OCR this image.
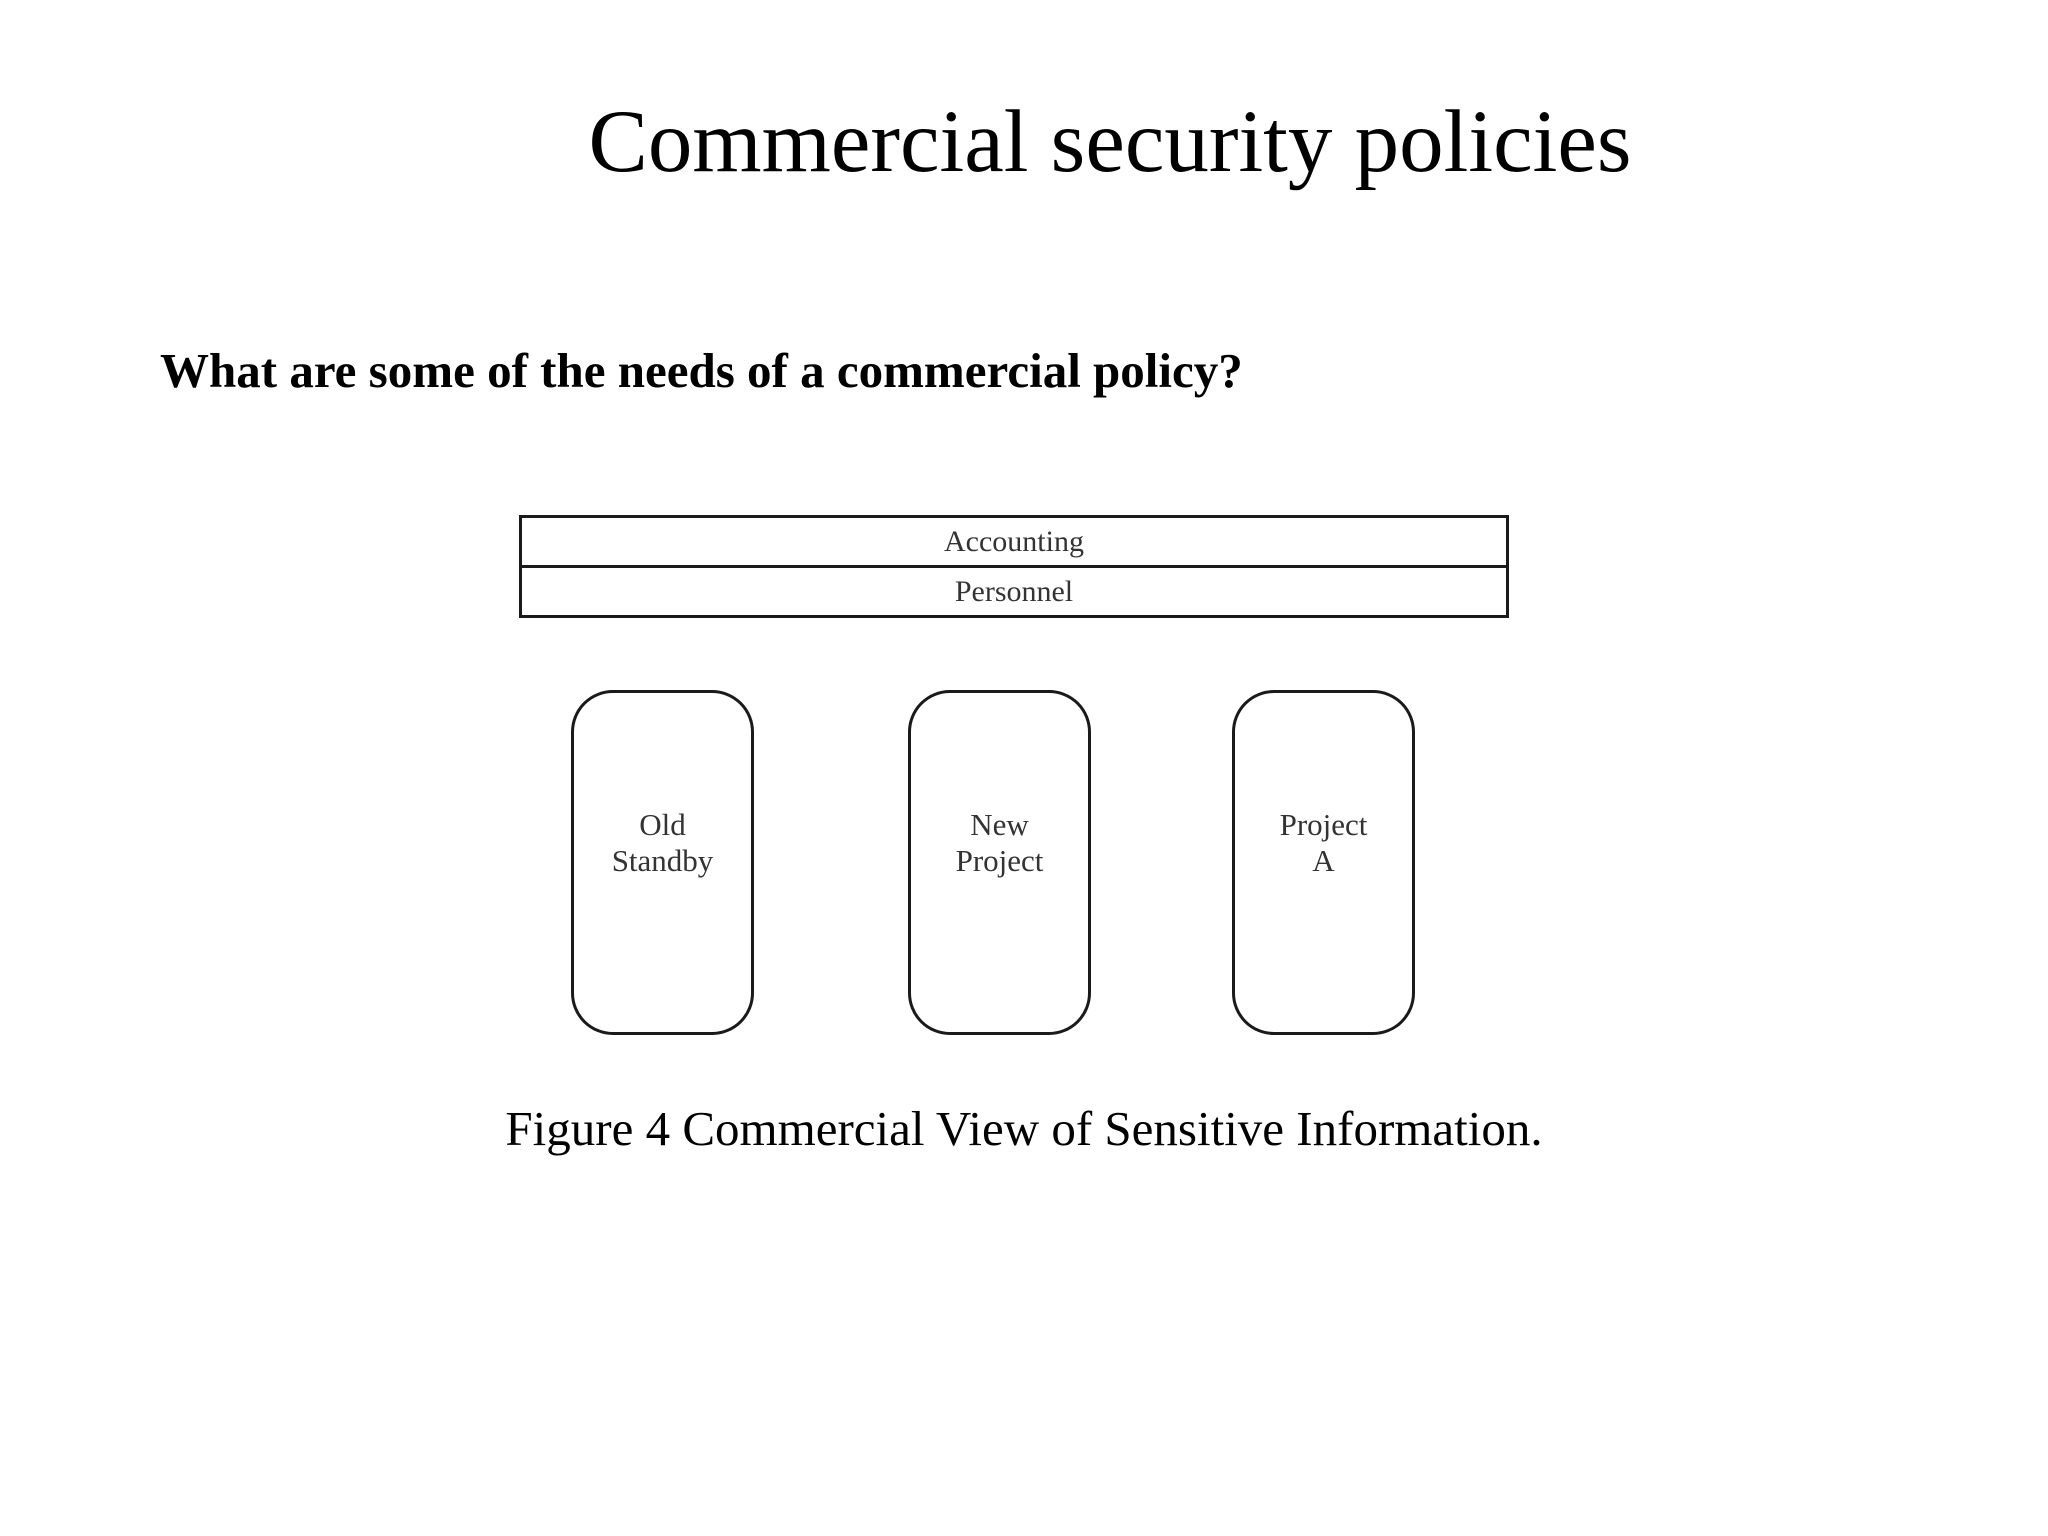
Commercial security policies
What are some of the needs of a commercial policy?
Accounting
Personnel
Old
Standby
New
Project
Project
A
Figure 4 Commercial View of Sensitive Information.
